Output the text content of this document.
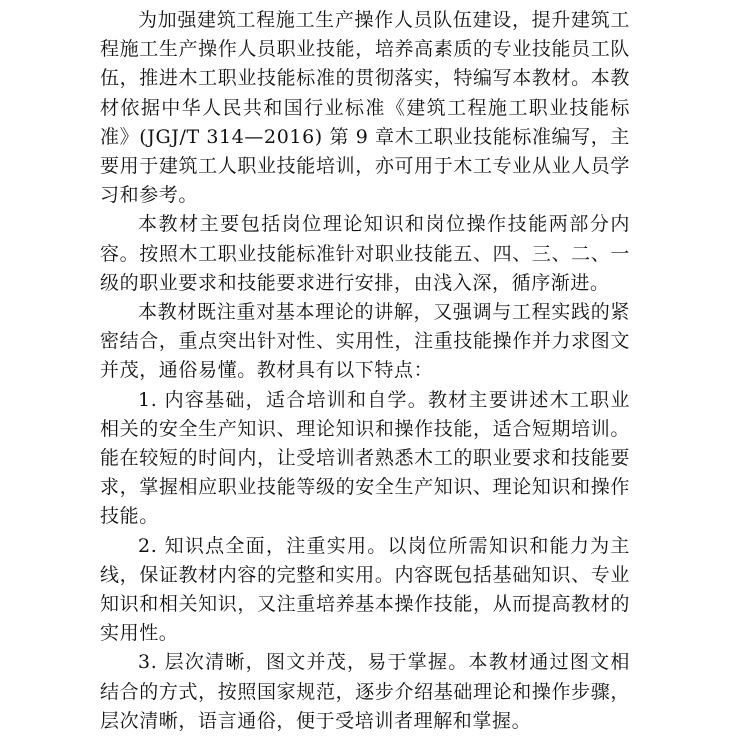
为加强建筑工程施工生产操作人员队伍建设，提升建筑工程施工生产操作人员职业技能，培养高素质的专业技能员工队伍，推进木工职业技能标准的贯彻落实，特编写本教材。本教材依据中华人民共和国行业标准《建筑工程施工职业技能标准》(JGJ/T 314—2016) 第 9 章木工职业技能标准编写，主要用于建筑工人职业技能培训，亦可用于木工专业从业人员学习和参考。

本教材主要包括岗位理论知识和岗位操作技能两部分内容。按照木工职业技能标准针对职业技能五、四、三、二、一级的职业要求和技能要求进行安排，由浅入深，循序渐进。

本教材既注重对基本理论的讲解，又强调与工程实践的紧密结合，重点突出针对性、实用性，注重技能操作并力求图文并茂，通俗易懂。教材具有以下特点：

1. 内容基础，适合培训和自学。教材主要讲述木工职业相关的安全生产知识、理论知识和操作技能，适合短期培训。能在较短的时间内，让受培训者熟悉木工的职业要求和技能要求，掌握相应职业技能等级的安全生产知识、理论知识和操作技能。

2. 知识点全面，注重实用。以岗位所需知识和能力为主线，保证教材内容的完整和实用。内容既包括基础知识、专业知识和相关知识，又注重培养基本操作技能，从而提高教材的实用性。

3. 层次清晰，图文并茂，易于掌握。本教材通过图文相结合的方式，按照国家规范，逐步介绍基础理论和操作步骤，层次清晰，语言通俗，便于受培训者理解和掌握。
